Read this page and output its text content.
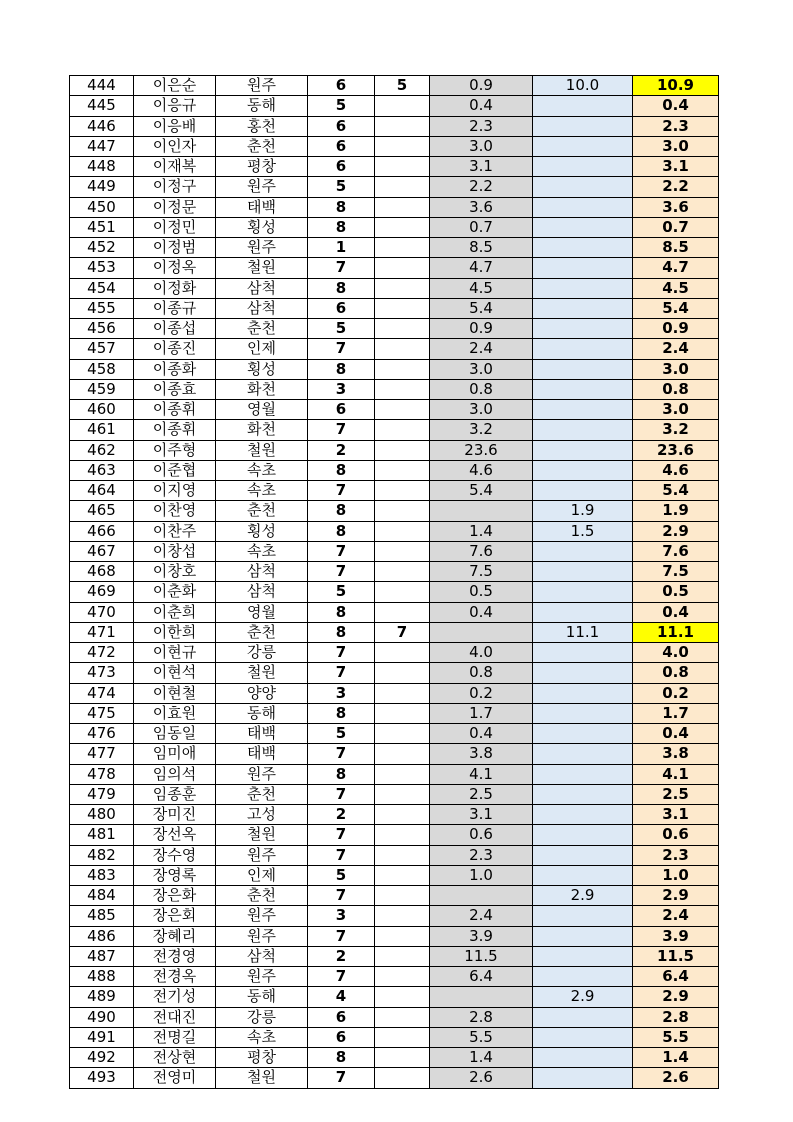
444	이은순	원주	6	5	0.9	10.0	10.9
445	이응규	동해	5		0.4		0.4
446	이응배	홍천	6		2.3		2.3
447	이인자	춘천	6		3.0		3.0
448	이재복	평창	6		3.1		3.1
449	이정구	원주	5		2.2		2.2
450	이정문	태백	8		3.6		3.6
451	이정민	횡성	8		0.7		0.7
452	이정범	원주	1		8.5		8.5
453	이정옥	철원	7		4.7		4.7
454	이정화	삼척	8		4.5		4.5
455	이종규	삼척	6		5.4		5.4
456	이종섭	춘천	5		0.9		0.9
457	이종진	인제	7		2.4		2.4
458	이종화	횡성	8		3.0		3.0
459	이종효	화천	3		0.8		0.8
460	이종휘	영월	6		3.0		3.0
461	이종휘	화천	7		3.2		3.2
462	이주형	철원	2		23.6		23.6
463	이준협	속초	8		4.6		4.6
464	이지영	속초	7		5.4		5.4
465	이찬영	춘천	8			1.9	1.9
466	이찬주	횡성	8		1.4	1.5	2.9
467	이창섭	속초	7		7.6		7.6
468	이창호	삼척	7		7.5		7.5
469	이춘화	삼척	5		0.5		0.5
470	이춘희	영월	8		0.4		0.4
471	이한희	춘천	8	7		11.1	11.1
472	이현규	강릉	7		4.0		4.0
473	이현석	철원	7		0.8		0.8
474	이현철	양양	3		0.2		0.2
475	이효원	동해	8		1.7		1.7
476	임동일	태백	5		0.4		0.4
477	임미애	태백	7		3.8		3.8
478	임의석	원주	8		4.1		4.1
479	임종훈	춘천	7		2.5		2.5
480	장미진	고성	2		3.1		3.1
481	장선옥	철원	7		0.6		0.6
482	장수영	원주	7		2.3		2.3
483	장영록	인제	5		1.0		1.0
484	장은화	춘천	7			2.9	2.9
485	장은회	원주	3		2.4		2.4
486	장혜리	원주	7		3.9		3.9
487	전경영	삼척	2		11.5		11.5
488	전경옥	원주	7		6.4		6.4
489	전기성	동해	4			2.9	2.9
490	전대진	강릉	6		2.8		2.8
491	전명길	속초	6		5.5		5.5
492	전상현	평창	8		1.4		1.4
493	전영미	철원	7		2.6		2.6
